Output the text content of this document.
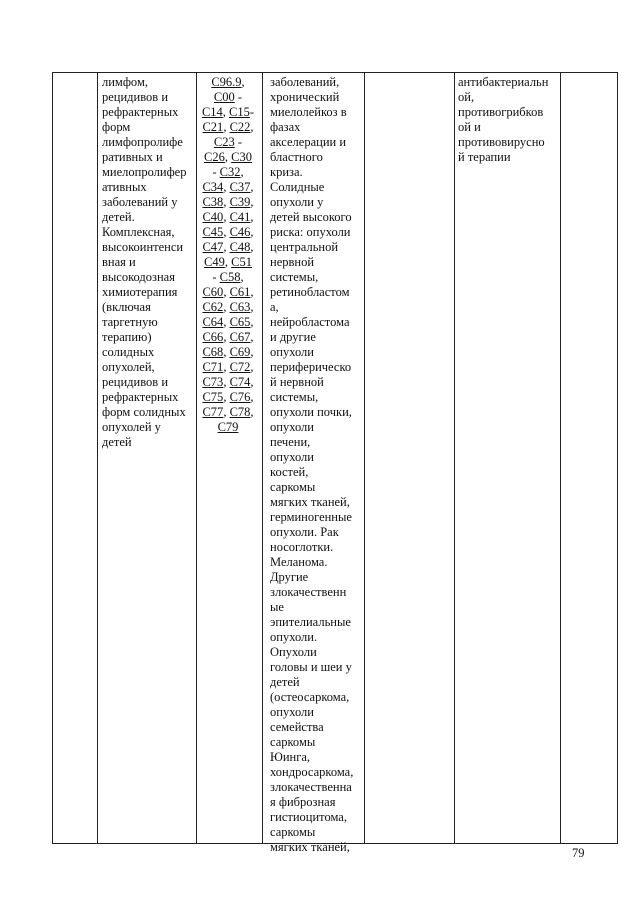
лимфом,
рецидивов и
рефрактерных
форм
лимфопролифе
ративных и
миелопролифер
ативных
заболеваний у
детей.
Комплексная,
высокоинтенси
вная и
высокодозная
химиотерапия
(включая
таргетную
терапию)
солидных
опухолей,
рецидивов и
рефрактерных
форм солидных
опухолей у
детей
C96.9,
C00 -
C14, C15-
C21, C22,
C23 -
C26, C30
- C32,
C34, C37,
C38, C39,
C40, C41,
C45, C46,
C47, C48,
C49, C51
- C58,
C60, C61,
C62, C63,
C64, C65,
C66, C67,
C68, C69,
C71, C72,
C73, C74,
C75, C76,
C77, C78,
C79
заболеваний,
хронический
миелолейкоз в
фазах
акселерации и
бластного
криза.
Солидные
опухоли у
детей высокого
риска: опухоли
центральной
нервной
системы,
ретинобластом
а,
нейробластома
и другие
опухоли
периферическо
й нервной
системы,
опухоли почки,
опухоли
печени,
опухоли
костей,
саркомы
мягких тканей,
герминогенные
опухоли. Рак
носоглотки.
Меланома.
Другие
злокачественн
ые
эпителиальные
опухоли.
Опухоли
головы и шеи у
детей
(остеосаркома,
опухоли
семейства
саркомы
Юинга,
хондросаркома,
злокачественна
я фиброзная
гистиоцитома,
саркомы
мягких тканей,
антибактериальн
ой,
противогрибков
ой и
противовирусно
й терапии
79
